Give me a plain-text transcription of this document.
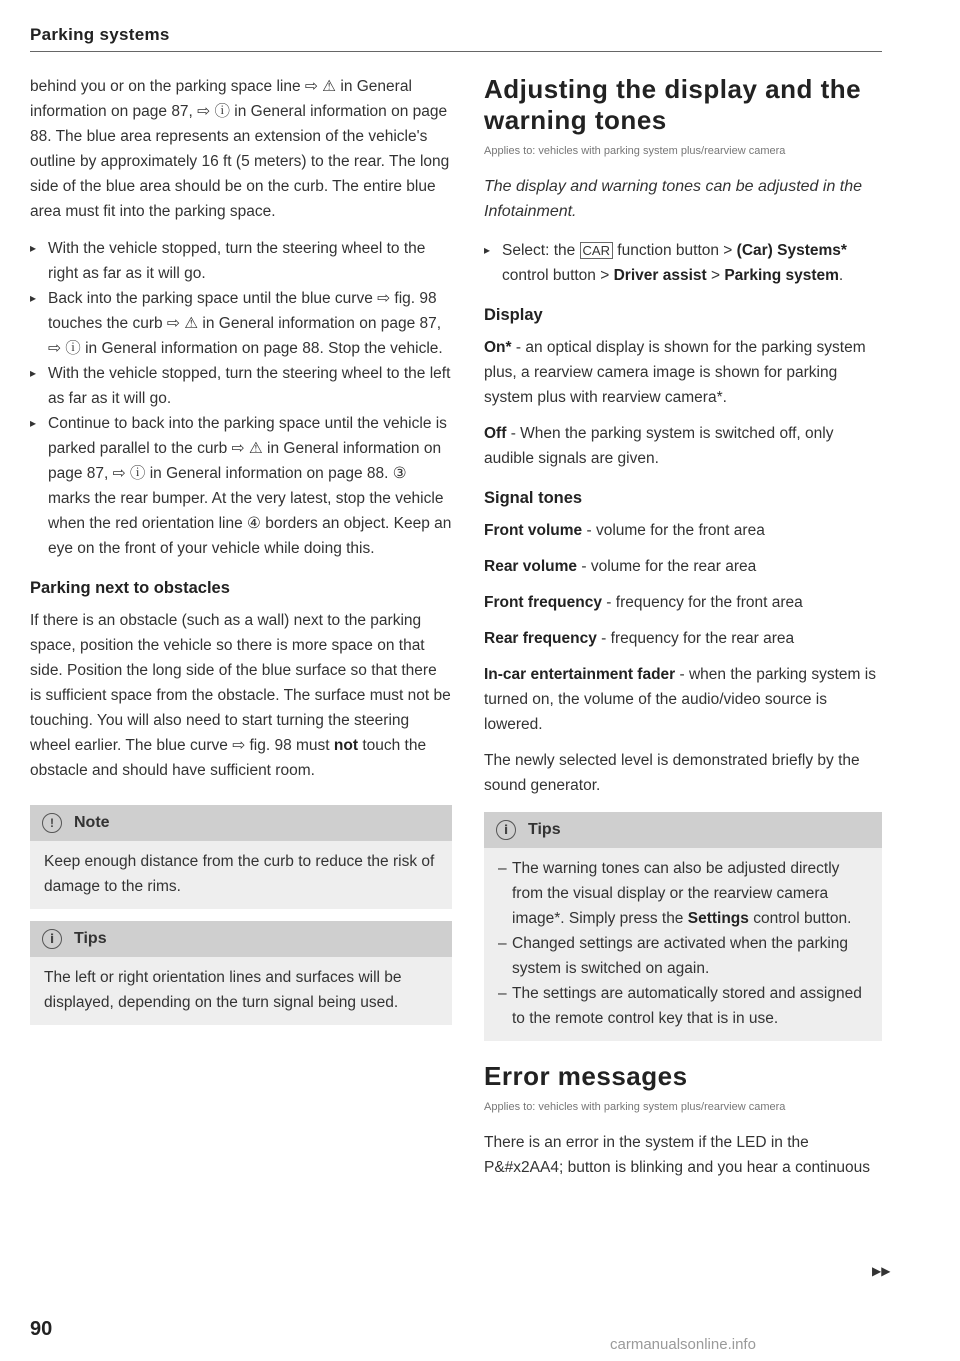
Parking systems

behind you or on the parking space line ⇨ ⚠ in General information on page 87, ⇨ ⓘ in General information on page 88. The blue area represents an extension of the vehicle's outline by approximately 16 ft (5 meters) to the rear. The long side of the blue area should be on the curb. The entire blue area must fit into the parking space.

▸ With the vehicle stopped, turn the steering wheel to the right as far as it will go.

▸ Back into the parking space until the blue curve ⇨ fig. 98 touches the curb ⇨ ⚠ in General information on page 87, ⇨ ⓘ in General information on page 88. Stop the vehicle.

▸ With the vehicle stopped, turn the steering wheel to the left as far as it will go.

▸ Continue to back into the parking space until the vehicle is parked parallel to the curb ⇨ ⚠ in General information on page 87, ⇨ ⓘ in General information on page 88. ③ marks the rear bumper. At the very latest, stop the vehicle when the red orientation line ④ borders an object. Keep an eye on the front of your vehicle while doing this.

Parking next to obstacles

If there is an obstacle (such as a wall) next to the parking space, position the vehicle so there is more space on that side. Position the long side of the blue surface so that there is sufficient space from the obstacle. The surface must not be touching. You will also need to start turning the steering wheel earlier. The blue curve ⇨ fig. 98 must not touch the obstacle and should have sufficient room.

!	Note
Keep enough distance from the curb to reduce the risk of damage to the rims.
i	Tips
The left or right orientation lines and surfaces will be displayed, depending on the turn signal being used.
Adjusting the display and the warning tones
Applies to: vehicles with parking system plus/rearview camera

The display and warning tones can be adjusted in the Infotainment.

▸ Select: the CAR function button > (Car) Systems* control button > Driver assist > Parking system.

Display

On* - an optical display is shown for the parking system plus, a rearview camera image is shown for parking system plus with rearview camera*.

Off - When the parking system is switched off, only audible signals are given.

Signal tones

Front volume - volume for the front area

Rear volume - volume for the rear area

Front frequency - frequency for the front area

Rear frequency - frequency for the rear area

In-car entertainment fader - when the parking system is turned on, the volume of the audio/video source is lowered.

The newly selected level is demonstrated briefly by the sound generator.

i	Tips

– The warning tones can also be adjusted directly from the visual display or the rearview camera image*. Simply press the Settings control button.

– Changed settings are activated when the parking system is switched on again.

– The settings are automatically stored and assigned to the remote control key that is in use.

Error messages
Applies to: vehicles with parking system plus/rearview camera

There is an error in the system if the LED in the

P&#x2AA4; button is blinking and you hear a continuous

▶▶
90
carmanualsonline.info
